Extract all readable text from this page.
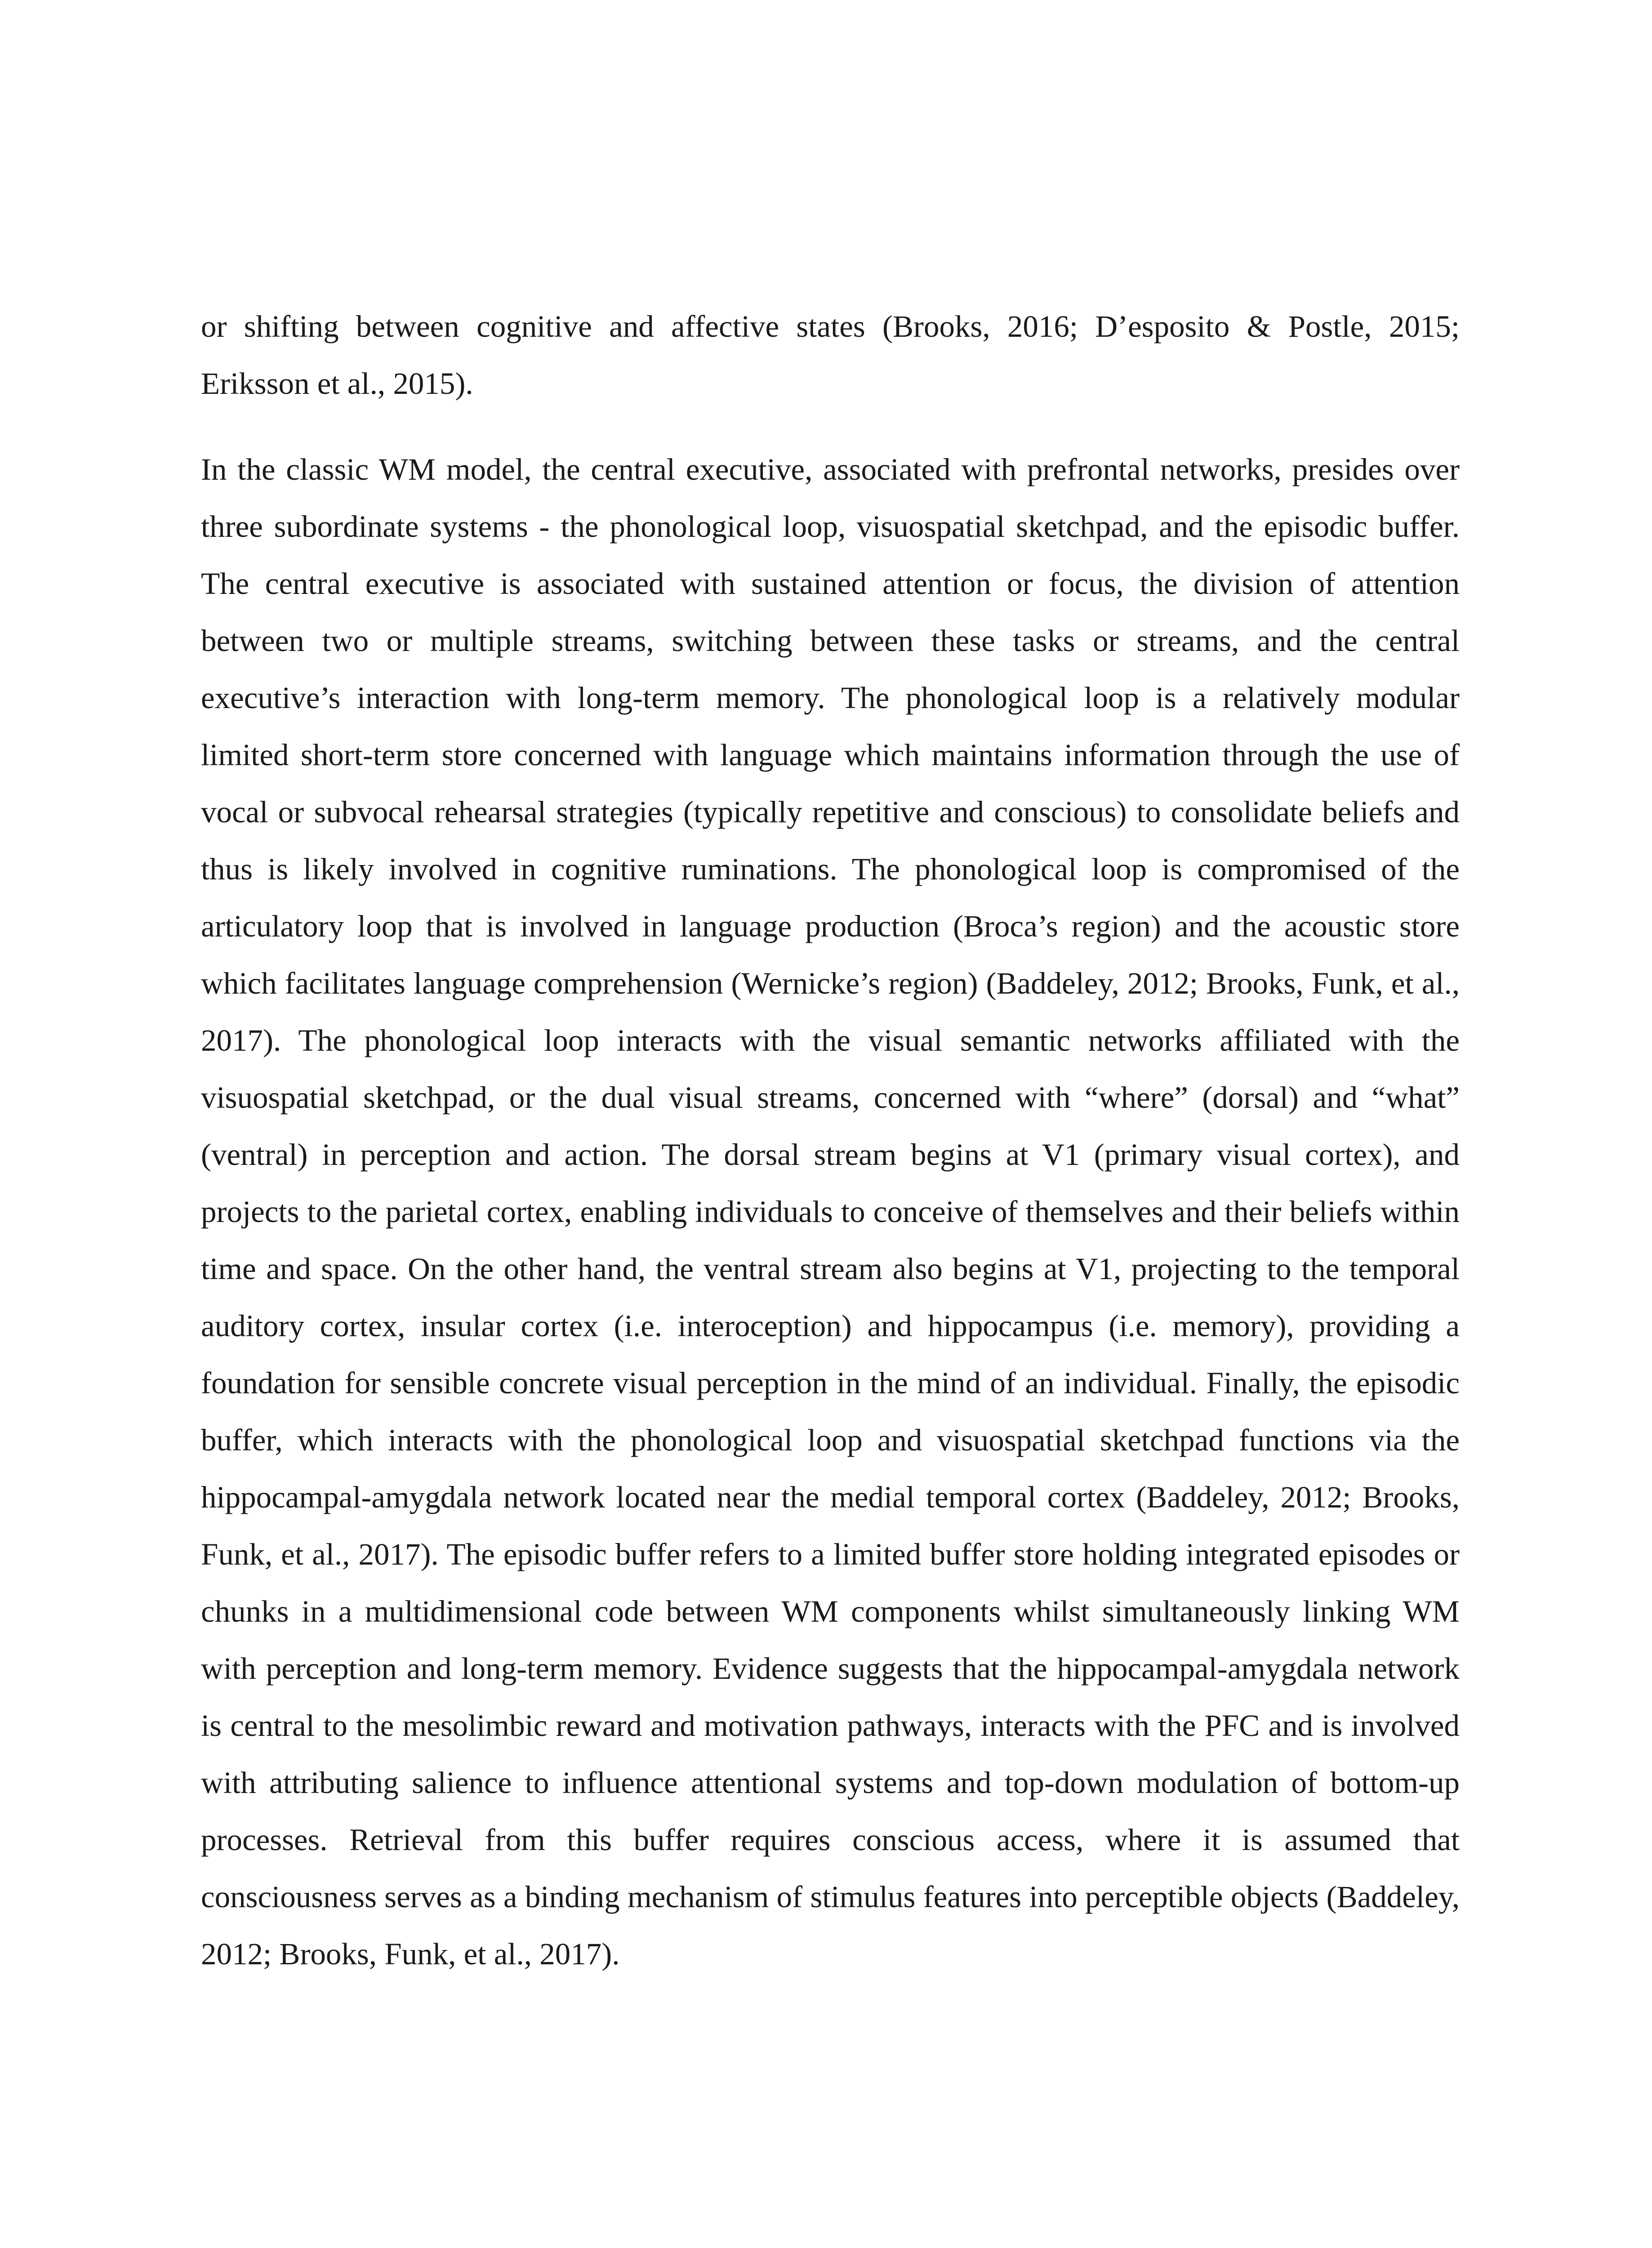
or shifting between cognitive and affective states (Brooks, 2016; D’esposito & Postle, 2015; Eriksson et al., 2015).

In the classic WM model, the central executive, associated with prefrontal networks, presides over three subordinate systems - the phonological loop, visuospatial sketchpad, and the episodic buffer. The central executive is associated with sustained attention or focus, the division of attention between two or multiple streams, switching between these tasks or streams, and the central executive’s interaction with long-term memory. The phonological loop is a relatively modular limited short-term store concerned with language which maintains information through the use of vocal or subvocal rehearsal strategies (typically repetitive and conscious) to consolidate beliefs and thus is likely involved in cognitive ruminations. The phonological loop is compromised of the articulatory loop that is involved in language production (Broca’s region) and the acoustic store which facilitates language comprehension (Wernicke’s region) (Baddeley, 2012; Brooks, Funk, et al., 2017). The phonological loop interacts with the visual semantic networks affiliated with the visuospatial sketchpad, or the dual visual streams, concerned with “where” (dorsal) and “what” (ventral) in perception and action. The dorsal stream begins at V1 (primary visual cortex), and projects to the parietal cortex, enabling individuals to conceive of themselves and their beliefs within time and space. On the other hand, the ventral stream also begins at V1, projecting to the temporal auditory cortex, insular cortex (i.e. interoception) and hippocampus (i.e. memory), providing a foundation for sensible concrete visual perception in the mind of an individual. Finally, the episodic buffer, which interacts with the phonological loop and visuospatial sketchpad functions via the hippocampal-amygdala network located near the medial temporal cortex (Baddeley, 2012; Brooks, Funk, et al., 2017). The episodic buffer refers to a limited buffer store holding integrated episodes or chunks in a multidimensional code between WM components whilst simultaneously linking WM with perception and long-term memory. Evidence suggests that the hippocampal-amygdala network is central to the mesolimbic reward and motivation pathways, interacts with the PFC and is involved with attributing salience to influence attentional systems and top-down modulation of bottom-up processes. Retrieval from this buffer requires conscious access, where it is assumed that consciousness serves as a binding mechanism of stimulus features into perceptible objects (Baddeley, 2012; Brooks, Funk, et al., 2017).
